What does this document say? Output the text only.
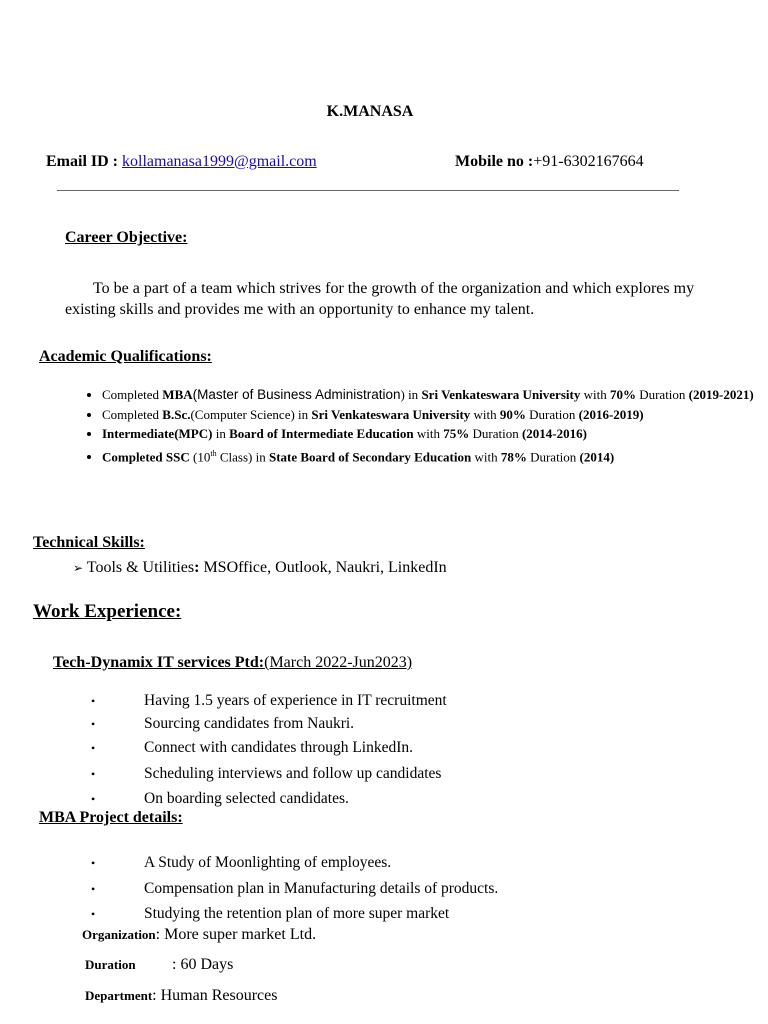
K.MANASA
Email ID : kollamanasa1999@gmail.com	Mobile no :+91-6302167664
Career Objective:
To be a part of a team which strives for the growth of the organization and which explores my existing skills and provides me with an opportunity to enhance my talent.
Academic Qualifications:
• Completed MBA(Master of Business Administration) in Sri Venkateswara University with 70% Duration (2019-2021)
• Completed B.Sc.(Computer Science) in Sri Venkateswara University with 90% Duration (2016-2019)
• Intermediate(MPC) in Board of Intermediate Education with 75% Duration (2014-2016)
• Completed SSC (10th Class) in State Board of Secondary Education with 78% Duration (2014)
Technical Skills:
➢ Tools & Utilities: MSOffice, Outlook, Naukri, LinkedIn
Work Experience:
Tech-Dynamix IT services Ptd:(March 2022-Jun2023)
•	Having 1.5 years of experience in IT recruitment
•	Sourcing candidates from Naukri.
•	Connect with candidates through LinkedIn.
•	Scheduling interviews and follow up candidates
•	On boarding selected candidates.
MBA Project details:
•	A Study of Moonlighting of employees.
•	Compensation plan in Manufacturing details of products.
•	Studying the retention plan of more super market
Organization: More super market Ltd.
Duration : 60 Days
Department: Human Resources
